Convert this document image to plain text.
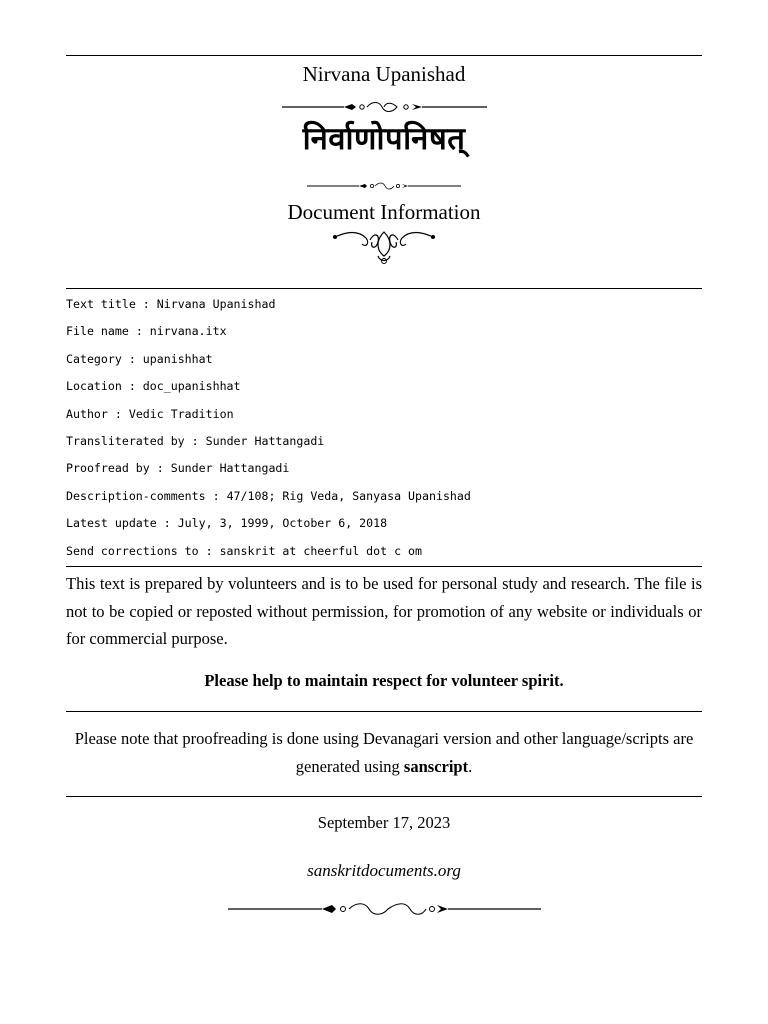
Nirvana Upanishad
निर्वाणोपनिषत्
Document Information
Text title : Nirvana Upanishad
File name : nirvana.itx
Category : upanishhat
Location : doc_upanishhat
Author : Vedic Tradition
Transliterated by : Sunder Hattangadi
Proofread by : Sunder Hattangadi
Description-comments : 47/108; Rig Veda, Sanyasa Upanishad
Latest update : July, 3, 1999, October 6, 2018
Send corrections to : sanskrit at cheerful dot c om

This text is prepared by volunteers and is to be used for personal study and research. The file is not to be copied or reposted without permission, for promotion of any website or individuals or for commercial purpose.

Please help to maintain respect for volunteer spirit.

Please note that proofreading is done using Devanagari version and other language/scripts are generated using sanscript.

September 17, 2023
sanskritdocuments.org
